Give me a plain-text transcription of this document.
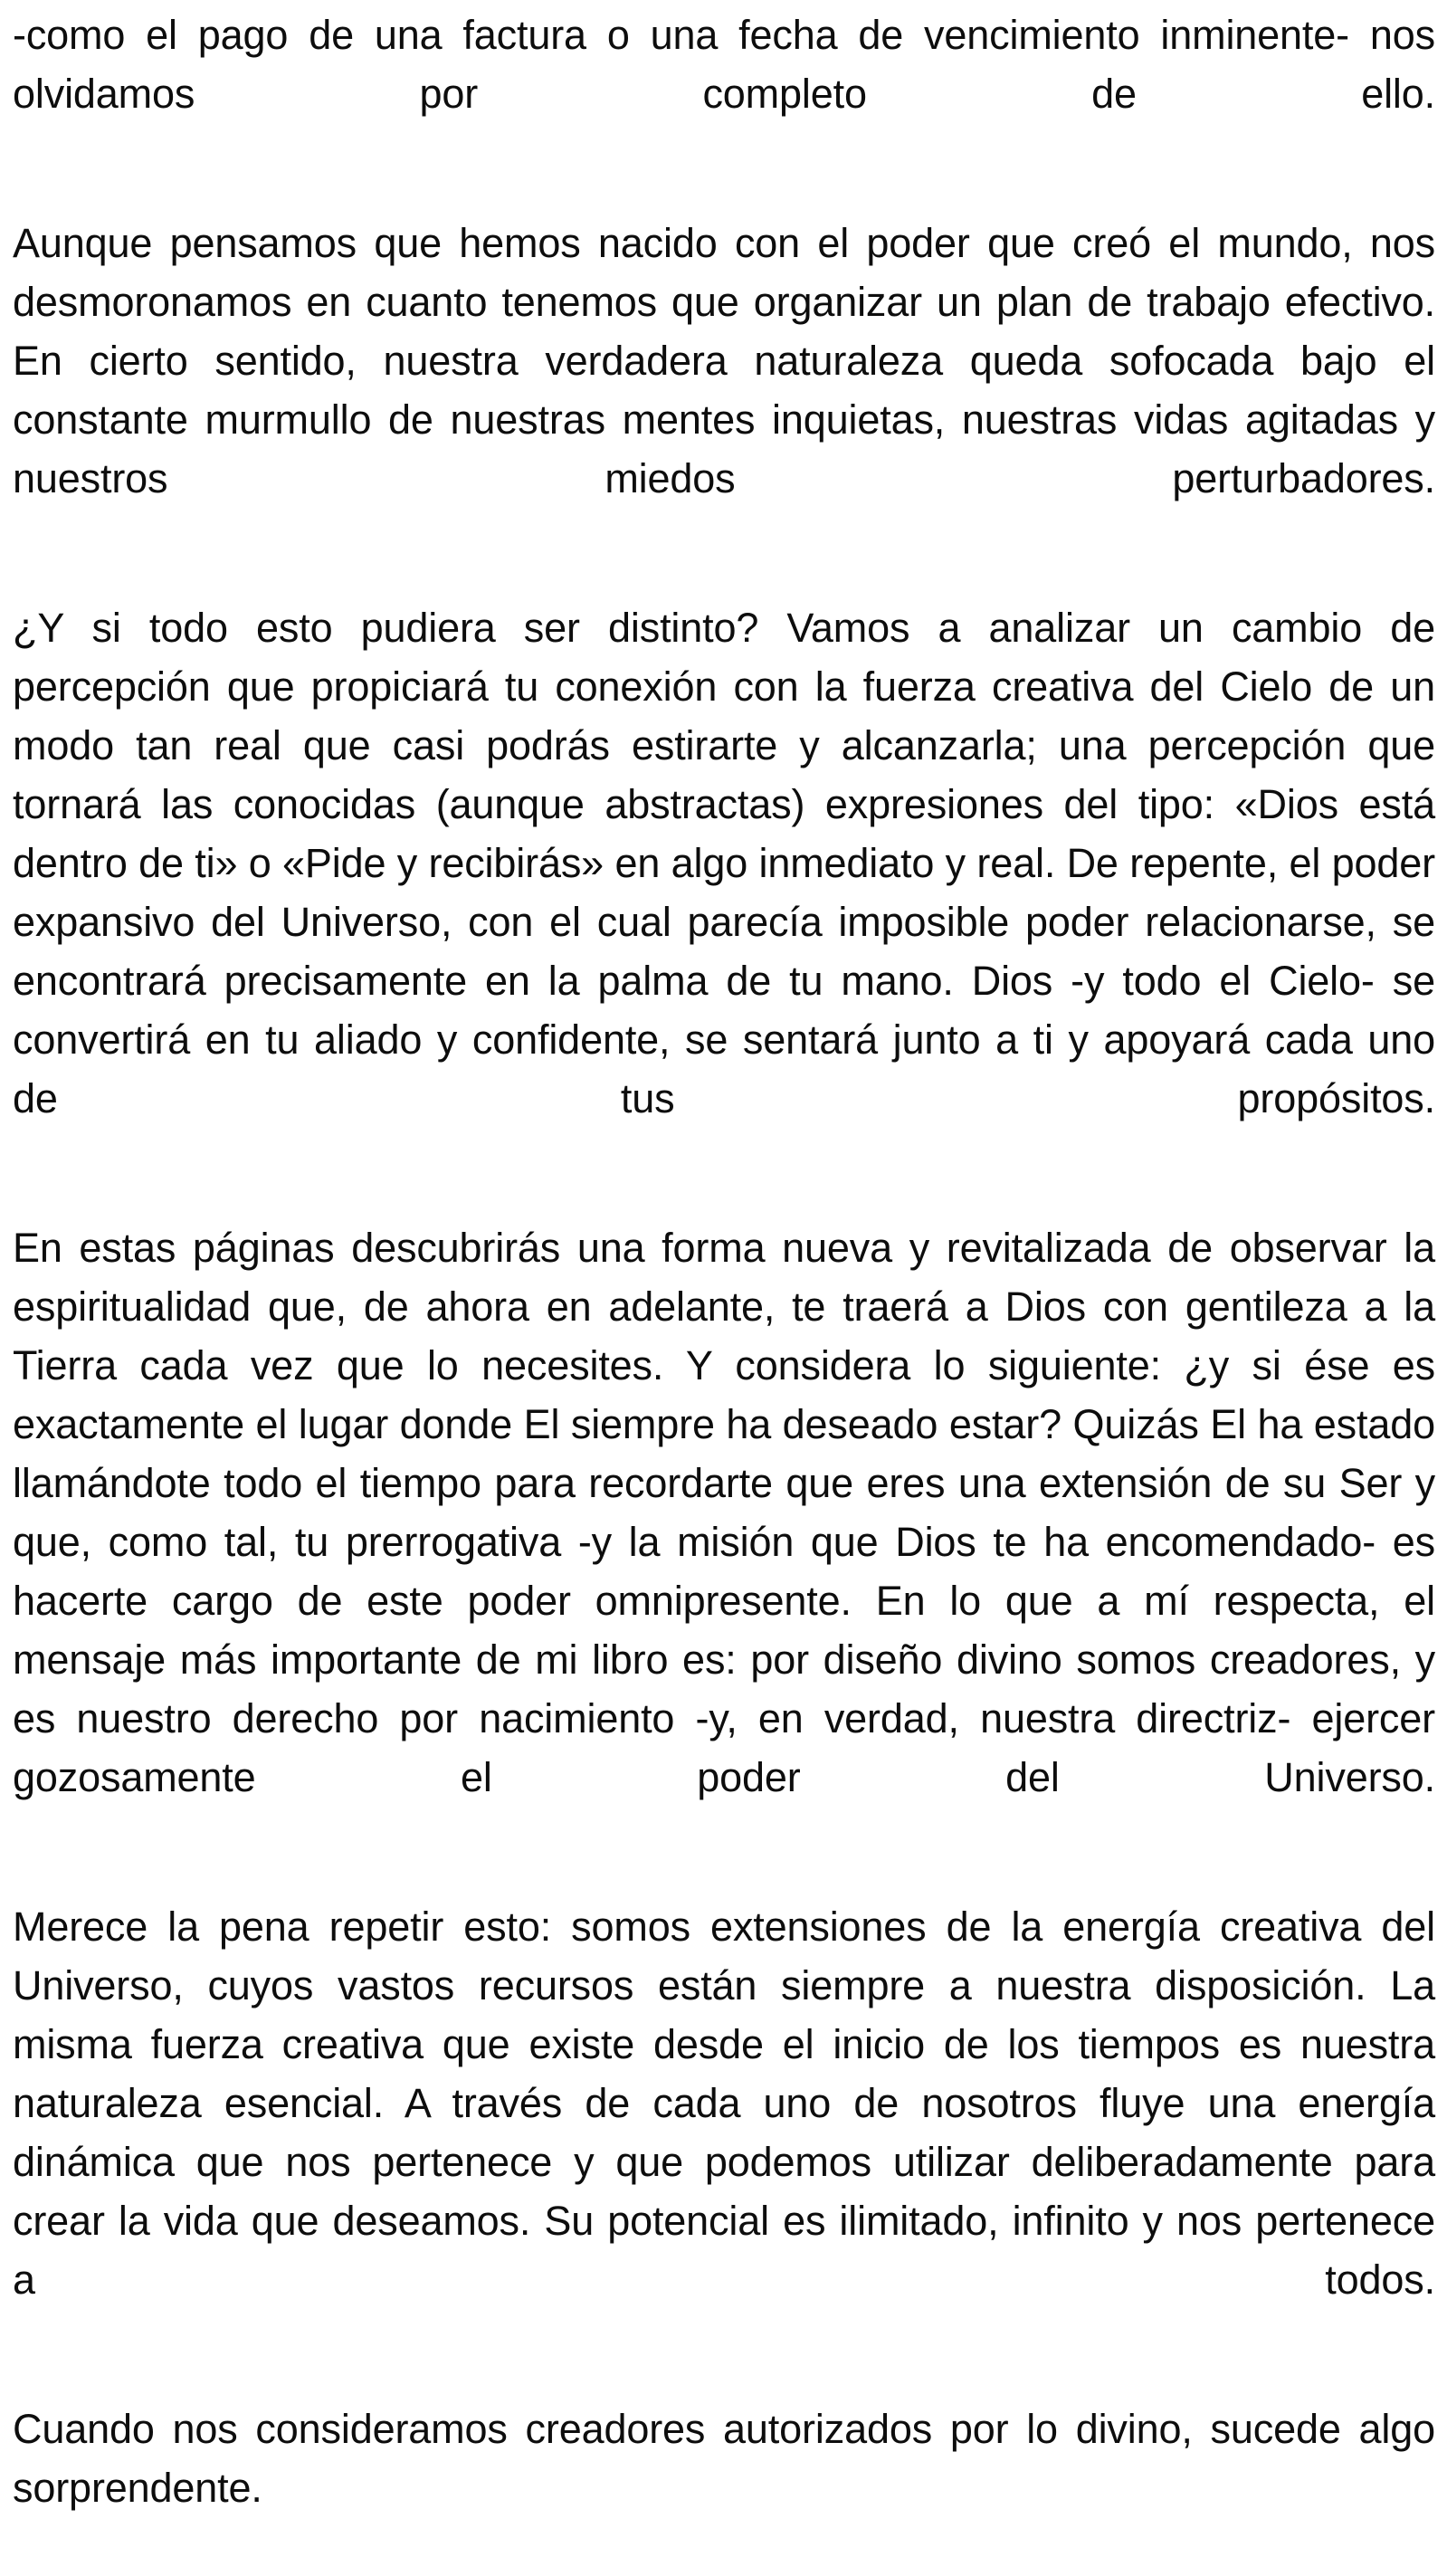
-como el pago de una factura o una fecha de vencimiento inminente- nos olvidamos por completo de ello.

Aunque pensamos que hemos nacido con el poder que creó el mundo, nos desmoronamos en cuanto tenemos que organizar un plan de trabajo efectivo. En cierto sentido, nuestra verdadera naturaleza queda sofocada bajo el constante murmullo de nuestras mentes inquietas, nuestras vidas agitadas y nuestros miedos perturbadores.

¿Y si todo esto pudiera ser distinto? Vamos a analizar un cambio de percepción que propiciará tu conexión con la fuerza creativa del Cielo de un modo tan real que casi podrás estirarte y alcanzarla; una percepción que tornará las conocidas (aunque abstractas) expresiones del tipo: «Dios está dentro de ti» o «Pide y recibirás» en algo inmediato y real. De repente, el poder expansivo del Universo, con el cual parecía imposible poder relacionarse, se encontrará precisamente en la palma de tu mano. Dios -y todo el Cielo- se convertirá en tu aliado y confidente, se sentará junto a ti y apoyará cada uno de tus propósitos.

En estas páginas descubrirás una forma nueva y revitalizada de observar la espiritualidad que, de ahora en adelante, te traerá a Dios con gentileza a la Tierra cada vez que lo necesites. Y considera lo siguiente: ¿y si ése es exactamente el lugar donde El siempre ha deseado estar? Quizás El ha estado llamándote todo el tiempo para recordarte que eres una extensión de su Ser y que, como tal, tu prerrogativa -y la misión que Dios te ha encomendado- es hacerte cargo de este poder omnipresente. En lo que a mí respecta, el mensaje más importante de mi libro es: por diseño divino somos creadores, y es nuestro derecho por nacimiento -y, en verdad, nuestra directriz- ejercer gozosamente el poder del Universo.

Merece la pena repetir esto: somos extensiones de la energía creativa del Universo, cuyos vastos recursos están siempre a nuestra disposición. La misma fuerza creativa que existe desde el inicio de los tiempos es nuestra naturaleza esencial. A través de cada uno de nosotros fluye una energía dinámica que nos pertenece y que podemos utilizar deliberadamente para crear la vida que deseamos. Su potencial es ilimitado, infinito y nos pertenece a todos.

Cuando nos consideramos creadores autorizados por lo divino, sucede algo sorprendente.
